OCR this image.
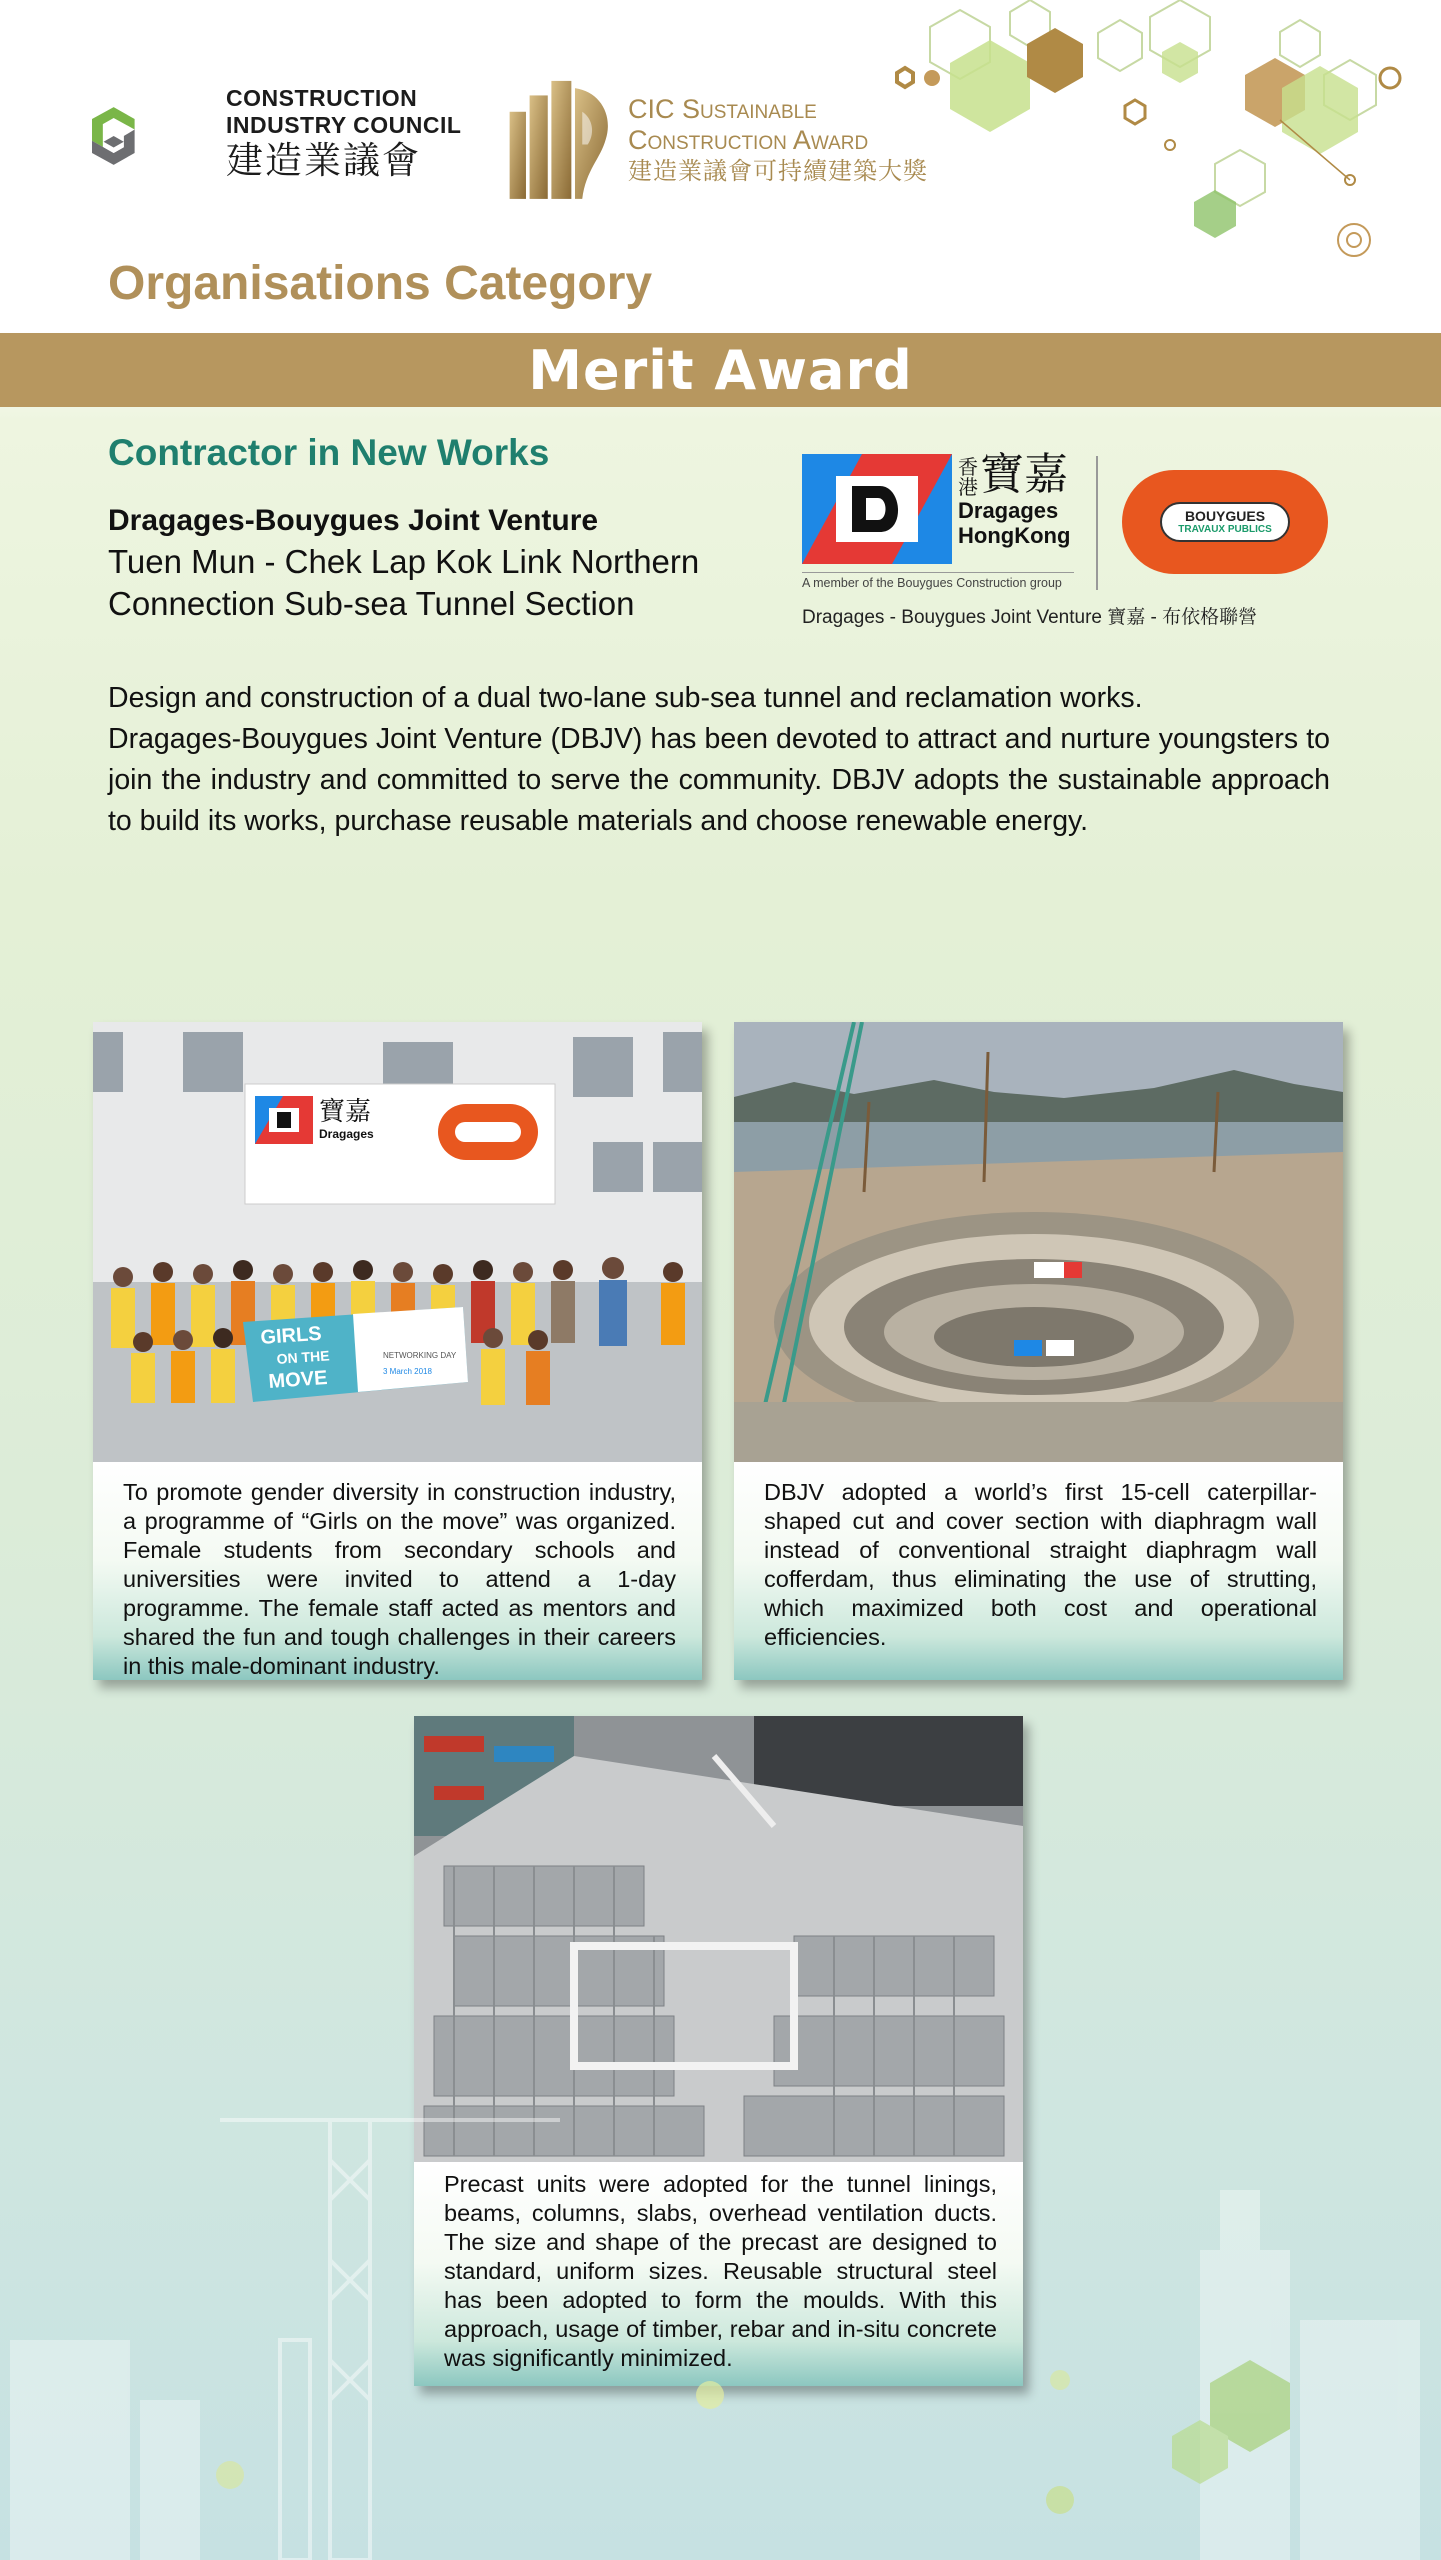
CONSTRUCTION
INDUSTRY COUNCIL
建造業議會
CIC Sustainable
Construction Award
建造業議會可持續建築大獎
Organisations Category
Merit Award
Contractor in New Works
Dragages-Bouygues Joint Venture
Tuen Mun - Chek Lap Kok Link Northern
Connection Sub-sea Tunnel Section
香港 寶嘉
Dragages
HongKong
A member of the Bouygues Construction group
BOUYGUES
TRAVAUX PUBLICS
Dragages - Bouygues Joint Venture 寶嘉 - 布依格聯營

Design and construction of a dual two-lane sub-sea tunnel and reclamation works.

Dragages-Bouygues Joint Venture (DBJV) has been devoted to attract and nurture youngsters to join the industry and committed to serve the community. DBJV adopts the sustainable approach to build its works, purchase reusable materials and choose renewable energy.

寶嘉
Dragages
GIRLS
ON THE
MOVE
NETWORKING DAY
3 March 2018
To promote gender diversity in construction industry, a programme of “Girls on the move” was organized. Female students from secondary schools and universities were invited to attend a 1-day programme. The female staff acted as mentors and shared the fun and tough challenges in their careers in this male-dominant industry.
DBJV adopted a world’s first 15-cell caterpillar-shaped cut and cover section with diaphragm wall instead of conventional straight diaphragm wall cofferdam, thus eliminating the use of strutting, which maximized both cost and operational efficiencies.
Precast units were adopted for the tunnel linings, beams, columns, slabs, overhead ventilation ducts. The size and shape of the precast are designed to standard, uniform sizes. Reusable structural steel has been adopted to form the moulds. With this approach, usage of timber, rebar and in-situ concrete was significantly minimized.
